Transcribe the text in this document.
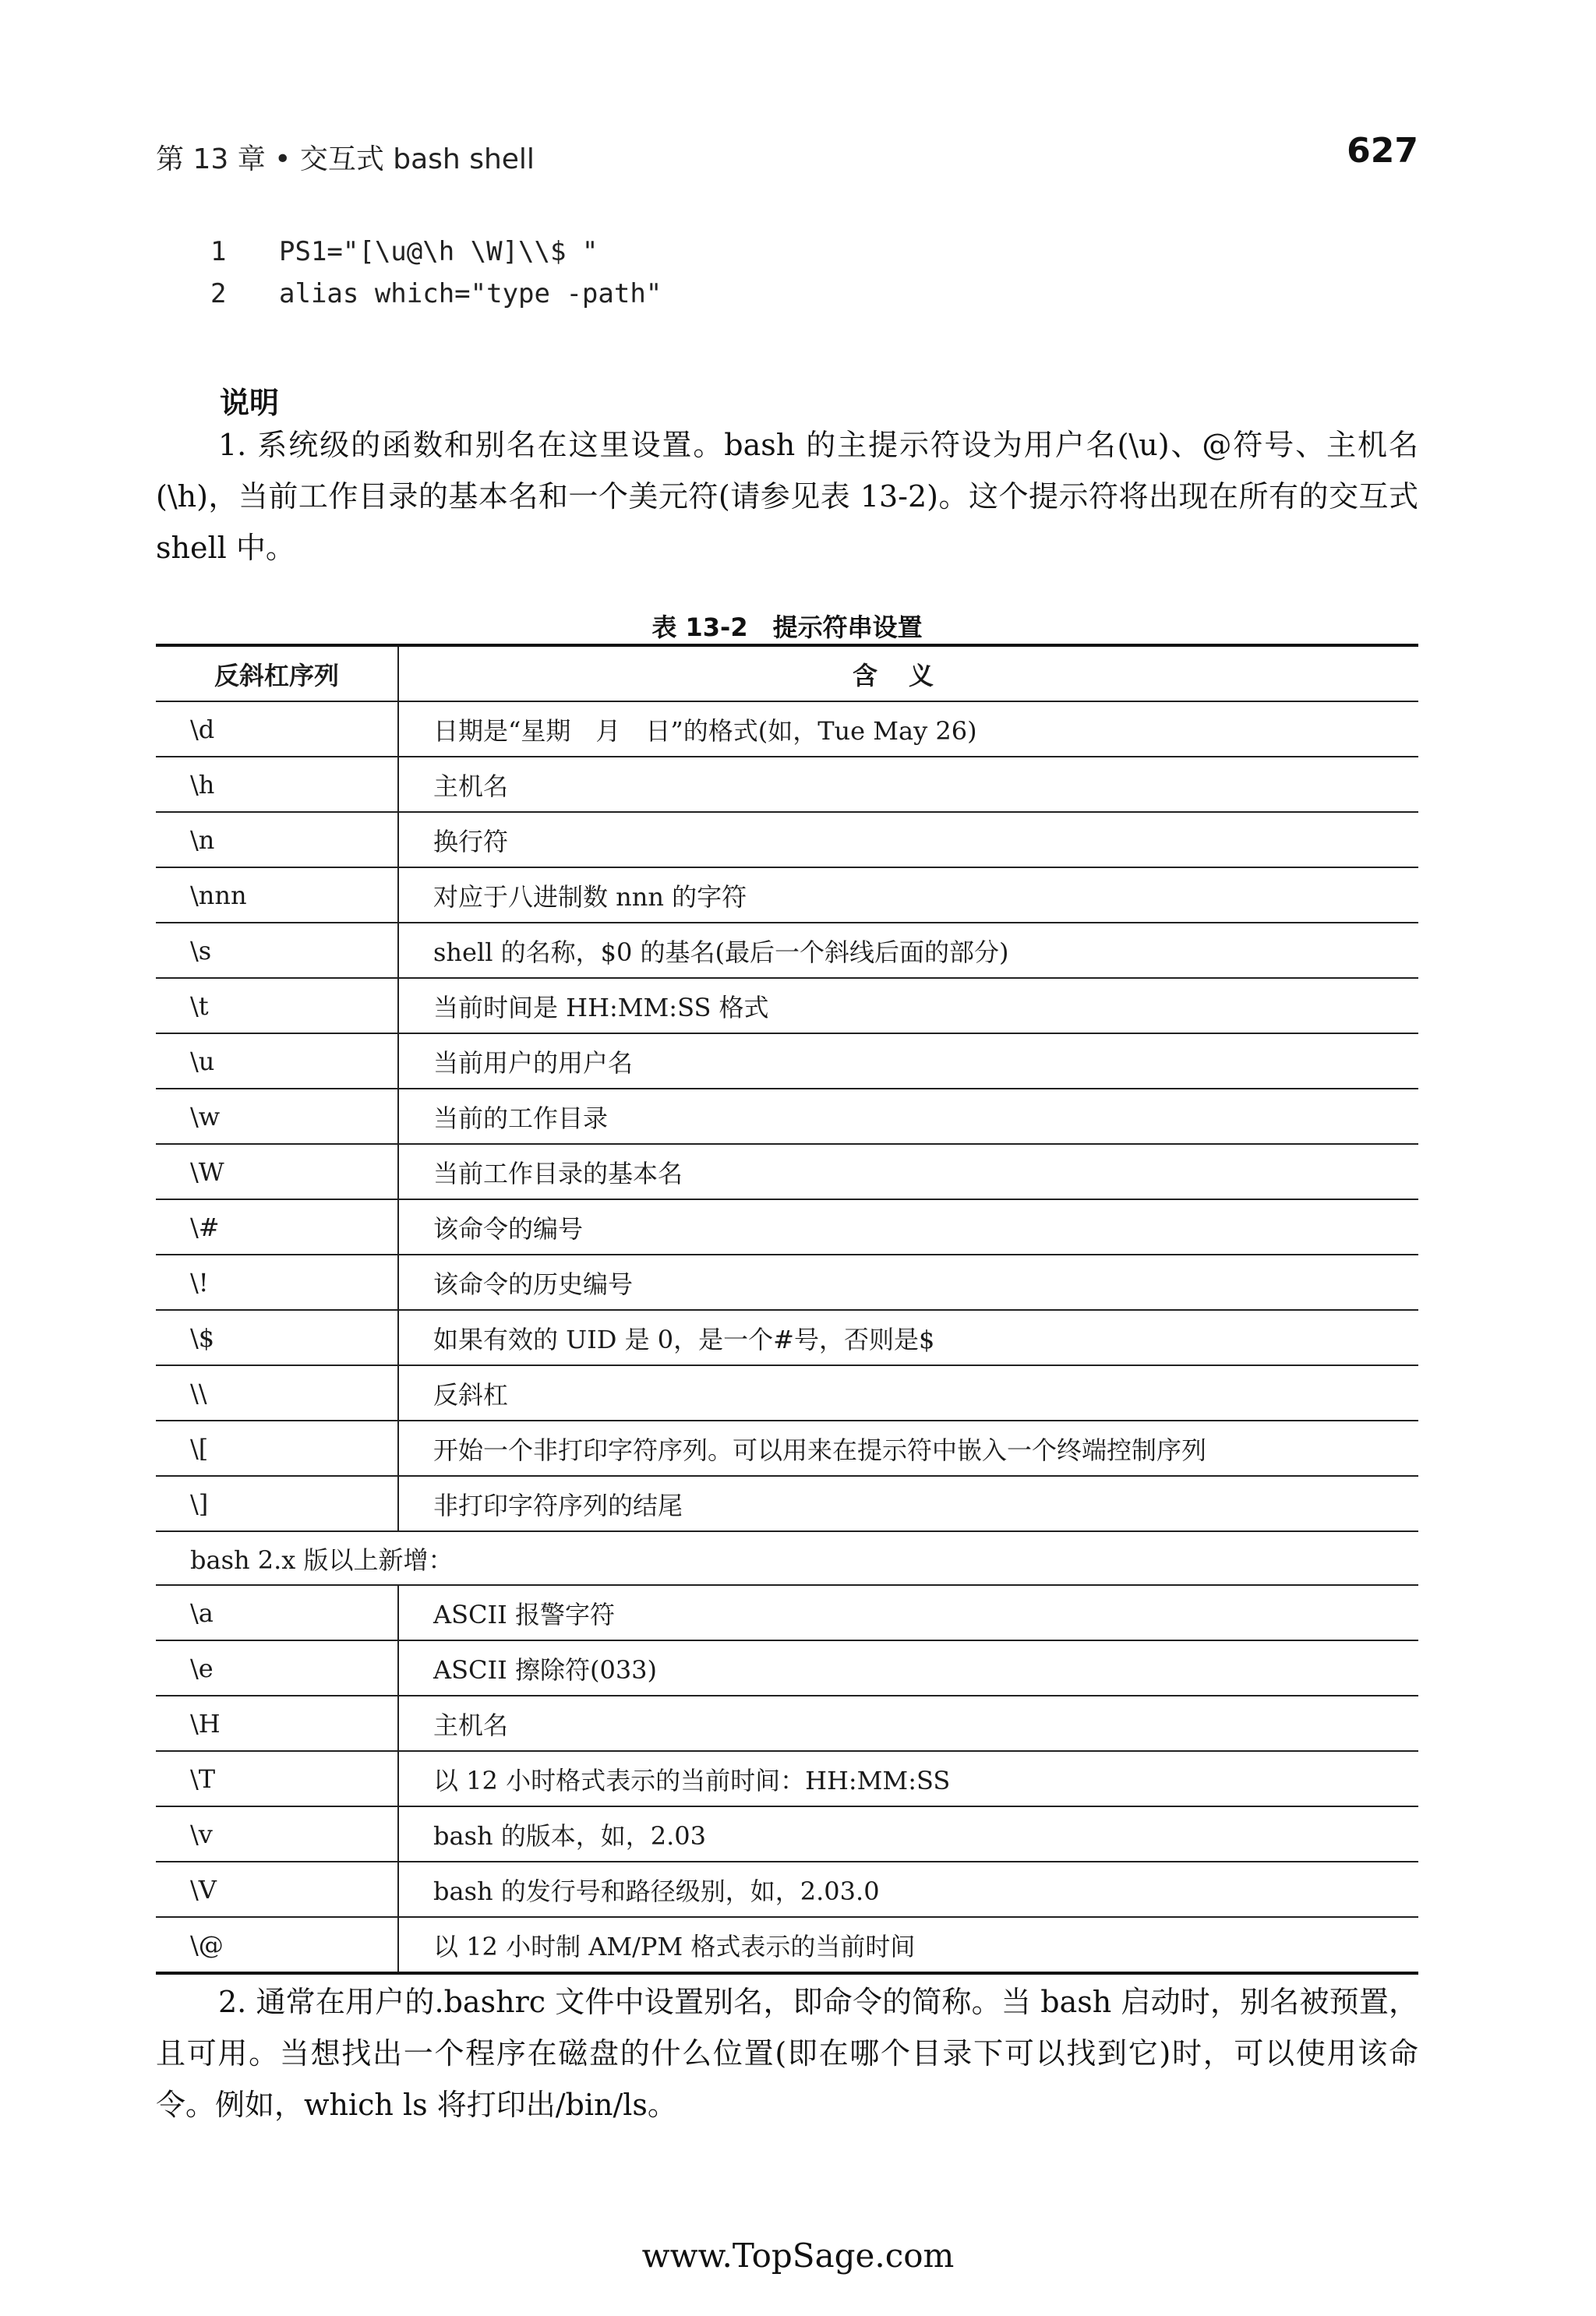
第 13 章 • 交互式 bash shell	627
1 PS1="[\u@\h \W]\\$ "
2 alias which="type -path"
说明
1. 系统级的函数和别名在这里设置。bash 的主提示符设为用户名(\u)、@符号、主机名(\h)，当前工作目录的基本名和一个美元符(请参见表 13-2)。这个提示符将出现在所有的交互式 shell 中。
表 13-2　提示符串设置
反斜杠序列	含义
\d	日期是“星期　月　日”的格式(如，Tue May 26)
\h	主机名
\n	换行符
\nnn	对应于八进制数 nnn 的字符
\s	shell 的名称，$0 的基名(最后一个斜线后面的部分)
\t	当前时间是 HH:MM:SS 格式
\u	当前用户的用户名
\w	当前的工作目录
\W	当前工作目录的基本名
\#	该命令的编号
\!	该命令的历史编号
\$	如果有效的 UID 是 0，是一个#号，否则是$
\\	反斜杠
\[	开始一个非打印字符序列。可以用来在提示符中嵌入一个终端控制序列
\]	非打印字符序列的结尾
bash 2.x 版以上新增：
\a	ASCII 报警字符
\e	ASCII 擦除符(033)
\H	主机名
\T	以 12 小时格式表示的当前时间：HH:MM:SS
\v	bash 的版本，如，2.03
\V	bash 的发行号和路径级别，如，2.03.0
\@	以 12 小时制 AM/PM 格式表示的当前时间
2. 通常在用户的.bashrc 文件中设置别名，即命令的简称。当 bash 启动时，别名被预置，且可用。当想找出一个程序在磁盘的什么位置(即在哪个目录下可以找到它)时，可以使用该命令。例如，which ls 将打印出/bin/ls。
www.TopSage.com
